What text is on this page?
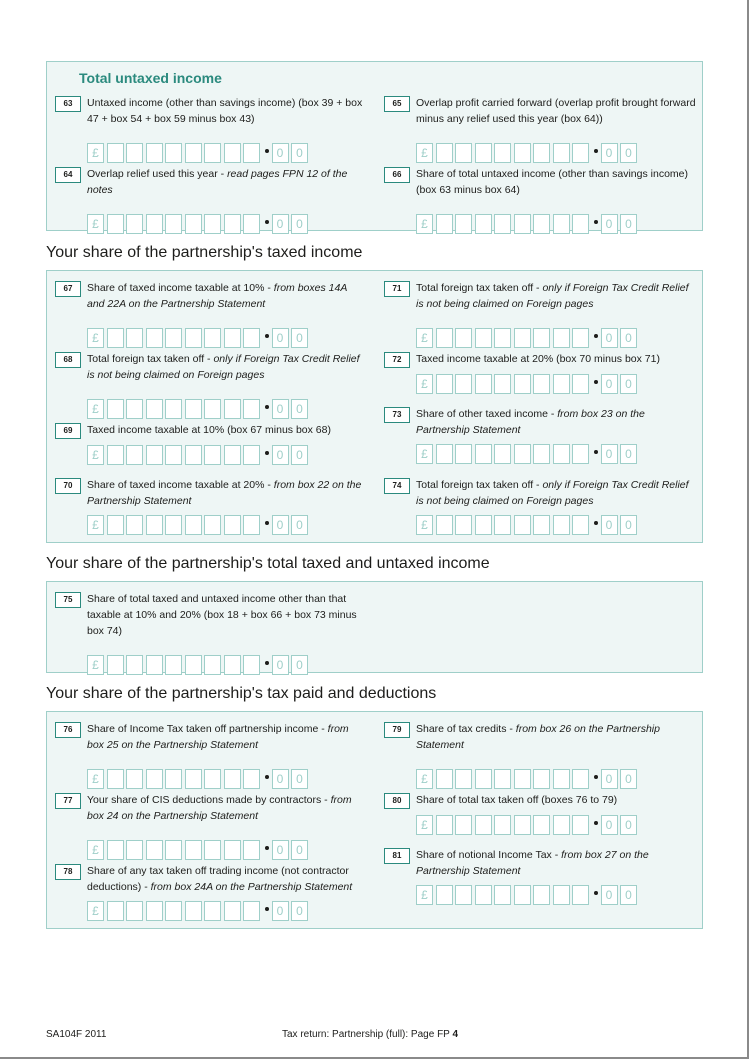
Total untaxed income
63	Untaxed income (other than savings income) (box 39 + box 47 + box 54 + box 59 minus box 43)
£	0	0
65	Overlap profit carried forward (overlap profit brought forward minus any relief used this year (box 64))
£	0	0
64	Overlap relief used this year - read pages FPN 12 of the notes
£	0	0
66	Share of total untaxed income (other than savings income) (box 63 minus box 64)
£	0	0
Your share of the partnership's taxed income
67	Share of taxed income taxable at 10% - from boxes 14A and 22A on the Partnership Statement
£	0	0
71	Total foreign tax taken off - only if Foreign Tax Credit Relief is not being claimed on Foreign pages
£	0	0
68	Total foreign tax taken off - only if Foreign Tax Credit Relief is not being claimed on Foreign pages
£	0	0
72	Taxed income taxable at 20% (box 70 minus box 71)
£	0	0
73	Share of other taxed income - from box 23 on the Partnership Statement
£	0	0
69	Taxed income taxable at 10% (box 67 minus box 68)
£	0	0
70	Share of taxed income taxable at 20% - from box 22 on the Partnership Statement
£	0	0
74	Total foreign tax taken off - only if Foreign Tax Credit Relief is not being claimed on Foreign pages
£	0	0
Your share of the partnership's total taxed and untaxed income
75	Share of total taxed and untaxed income other than that taxable at 10% and 20% (box 18 + box 66 + box 73 minus box 74)
£	0	0
Your share of the partnership's tax paid and deductions
76	Share of Income Tax taken off partnership income - from box 25 on the Partnership Statement
£	0	0
79	Share of tax credits - from box 26 on the Partnership Statement
£	0	0
77	Your share of CIS deductions made by contractors - from box 24 on the Partnership Statement
£	0	0
80	Share of total tax taken off (boxes 76 to 79)
£	0	0
81	Share of notional Income Tax - from box 27 on the Partnership Statement
£	0	0
78	Share of any tax taken off trading income (not contractor deductions) - from box 24A on the Partnership Statement
£	0	0
SA104F 2011	Tax return: Partnership (full): Page FP 4
